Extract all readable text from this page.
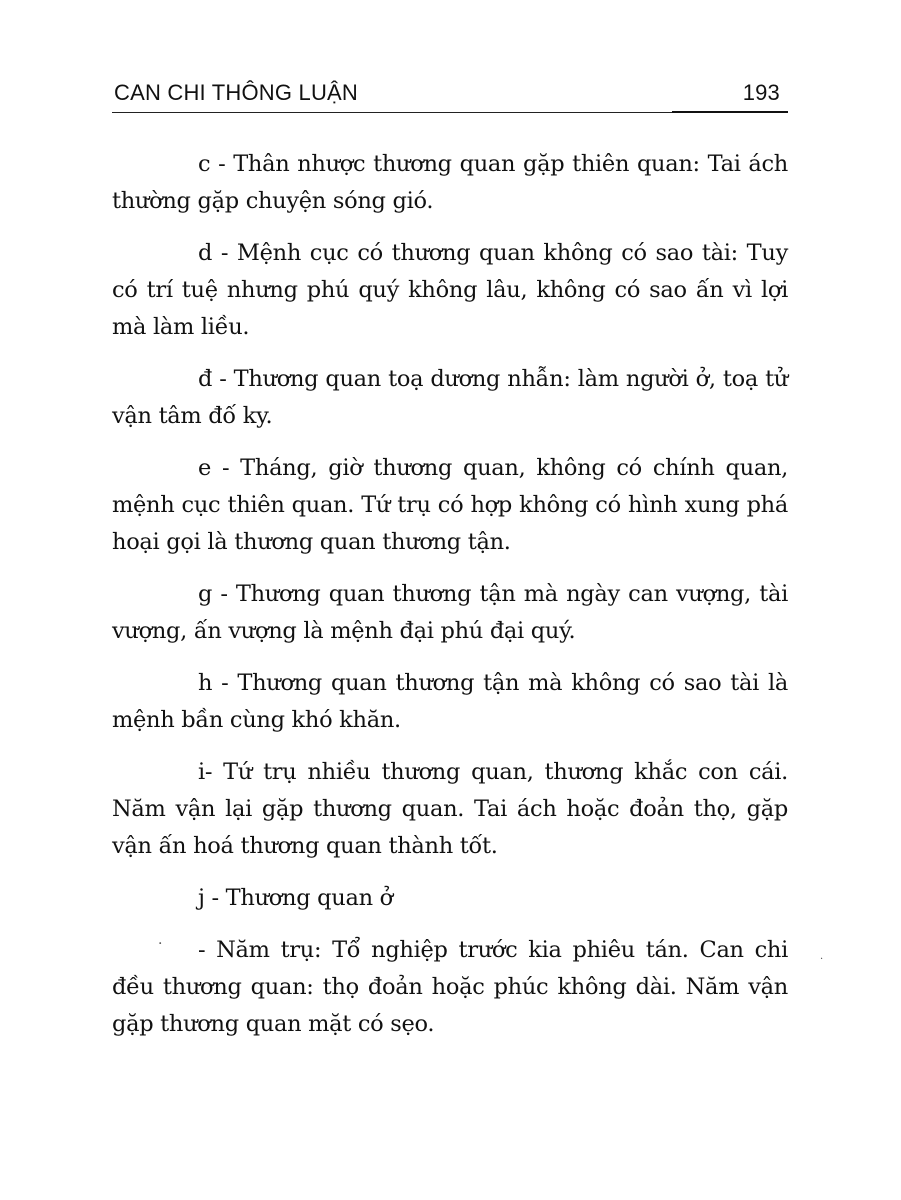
CAN CHI THÔNG LUẬN	193

c - Thân nhược thương quan gặp thiên quan: Tai ách thường gặp chuyện sóng gió.

d - Mệnh cục có thương quan không có sao tài: Tuy có trí tuệ nhưng phú quý không lâu, không có sao ấn vì lợi mà làm liều.

đ - Thương quan toạ dương nhẫn: làm người ở, toạ tử vận tâm đố ky.

e - Tháng, giờ thương quan, không có chính quan, mệnh cục thiên quan. Tứ trụ có hợp không có hình xung phá hoại gọi là thương quan thương tận.

g - Thương quan thương tận mà ngày can vượng, tài vượng, ấn vượng là mệnh đại phú đại quý.

h - Thương quan thương tận mà không có sao tài là mệnh bần cùng khó khăn.

i- Tứ trụ nhiều thương quan, thương khắc con cái. Năm vận lại gặp thương quan. Tai ách hoặc đoản thọ, gặp vận ấn hoá thương quan thành tốt.

j - Thương quan ở

- Năm trụ: Tổ nghiệp trước kia phiêu tán. Can chi đều thương quan: thọ đoản hoặc phúc không dài. Năm vận gặp thương quan mặt có sẹo.

·
·
